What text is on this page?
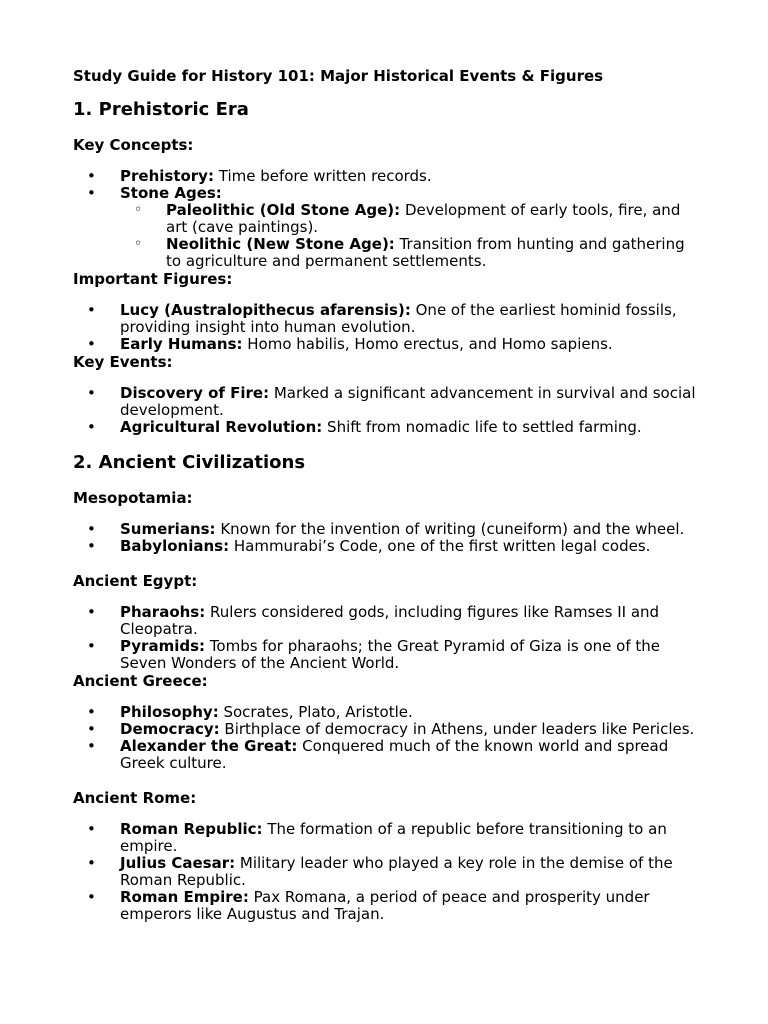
Study Guide for History 101: Major Historical Events & Figures
1. Prehistoric Era
Key Concepts:
• Prehistory: Time before written records.
• Stone Ages:
◦ Paleolithic (Old Stone Age): Development of early tools, fire, and art (cave paintings).
◦ Neolithic (New Stone Age): Transition from hunting and gathering to agriculture and permanent settlements.
Important Figures:
• Lucy (Australopithecus afarensis): One of the earliest hominid fossils, providing insight into human evolution.
• Early Humans: Homo habilis, Homo erectus, and Homo sapiens.
Key Events:
• Discovery of Fire: Marked a significant advancement in survival and social development.
• Agricultural Revolution: Shift from nomadic life to settled farming.
2. Ancient Civilizations
Mesopotamia:
• Sumerians: Known for the invention of writing (cuneiform) and the wheel.
• Babylonians: Hammurabi’s Code, one of the first written legal codes.
Ancient Egypt:
• Pharaohs: Rulers considered gods, including figures like Ramses II and Cleopatra.
• Pyramids: Tombs for pharaohs; the Great Pyramid of Giza is one of the Seven Wonders of the Ancient World.
Ancient Greece:
• Philosophy: Socrates, Plato, Aristotle.
• Democracy: Birthplace of democracy in Athens, under leaders like Pericles.
• Alexander the Great: Conquered much of the known world and spread Greek culture.
Ancient Rome:
• Roman Republic: The formation of a republic before transitioning to an empire.
• Julius Caesar: Military leader who played a key role in the demise of the Roman Republic.
• Roman Empire: Pax Romana, a period of peace and prosperity under emperors like Augustus and Trajan.
